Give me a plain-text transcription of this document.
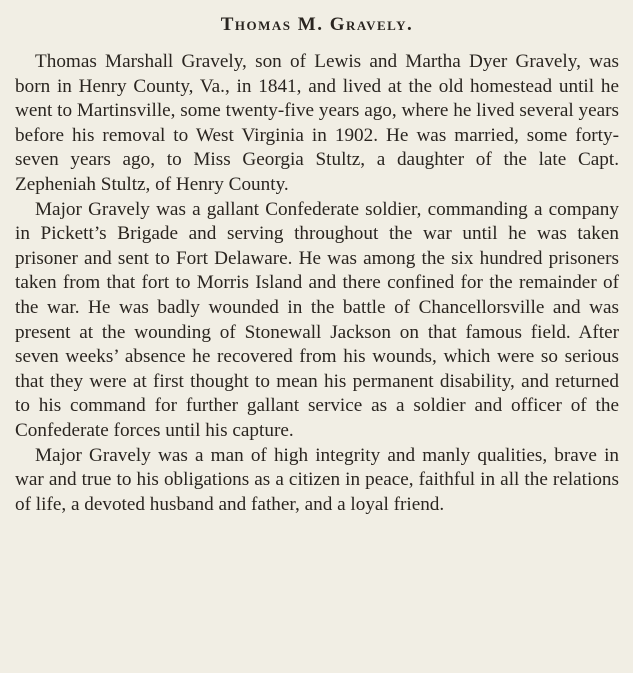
Thomas M. Gravely.

Thomas Marshall Gravely, son of Lewis and Martha Dyer Gravely, was born in Henry County, Va., in 1841, and lived at the old homestead until he went to Martinsville, some twenty-five years ago, where he lived several years before his removal to West Virginia in 1902. He was married, some forty-seven years ago, to Miss Georgia Stultz, a daughter of the late Capt. Zepheniah Stultz, of Henry County.

Major Gravely was a gallant Confederate soldier, commanding a company in Pickett’s Brigade and serving throughout the war until he was taken prisoner and sent to Fort Delaware. He was among the six hundred prisoners taken from that fort to Morris Island and there confined for the remainder of the war. He was badly wounded in the battle of Chancellorsville and was present at the wounding of Stonewall Jackson on that famous field. After seven weeks’ absence he recovered from his wounds, which were so serious that they were at first thought to mean his permanent disability, and returned to his command for further gallant service as a soldier and officer of the Confederate forces until his capture.

Major Gravely was a man of high integrity and manly qualities, brave in war and true to his obligations as a citizen in peace, faithful in all the relations of life, a devoted husband and father, and a loyal friend.
